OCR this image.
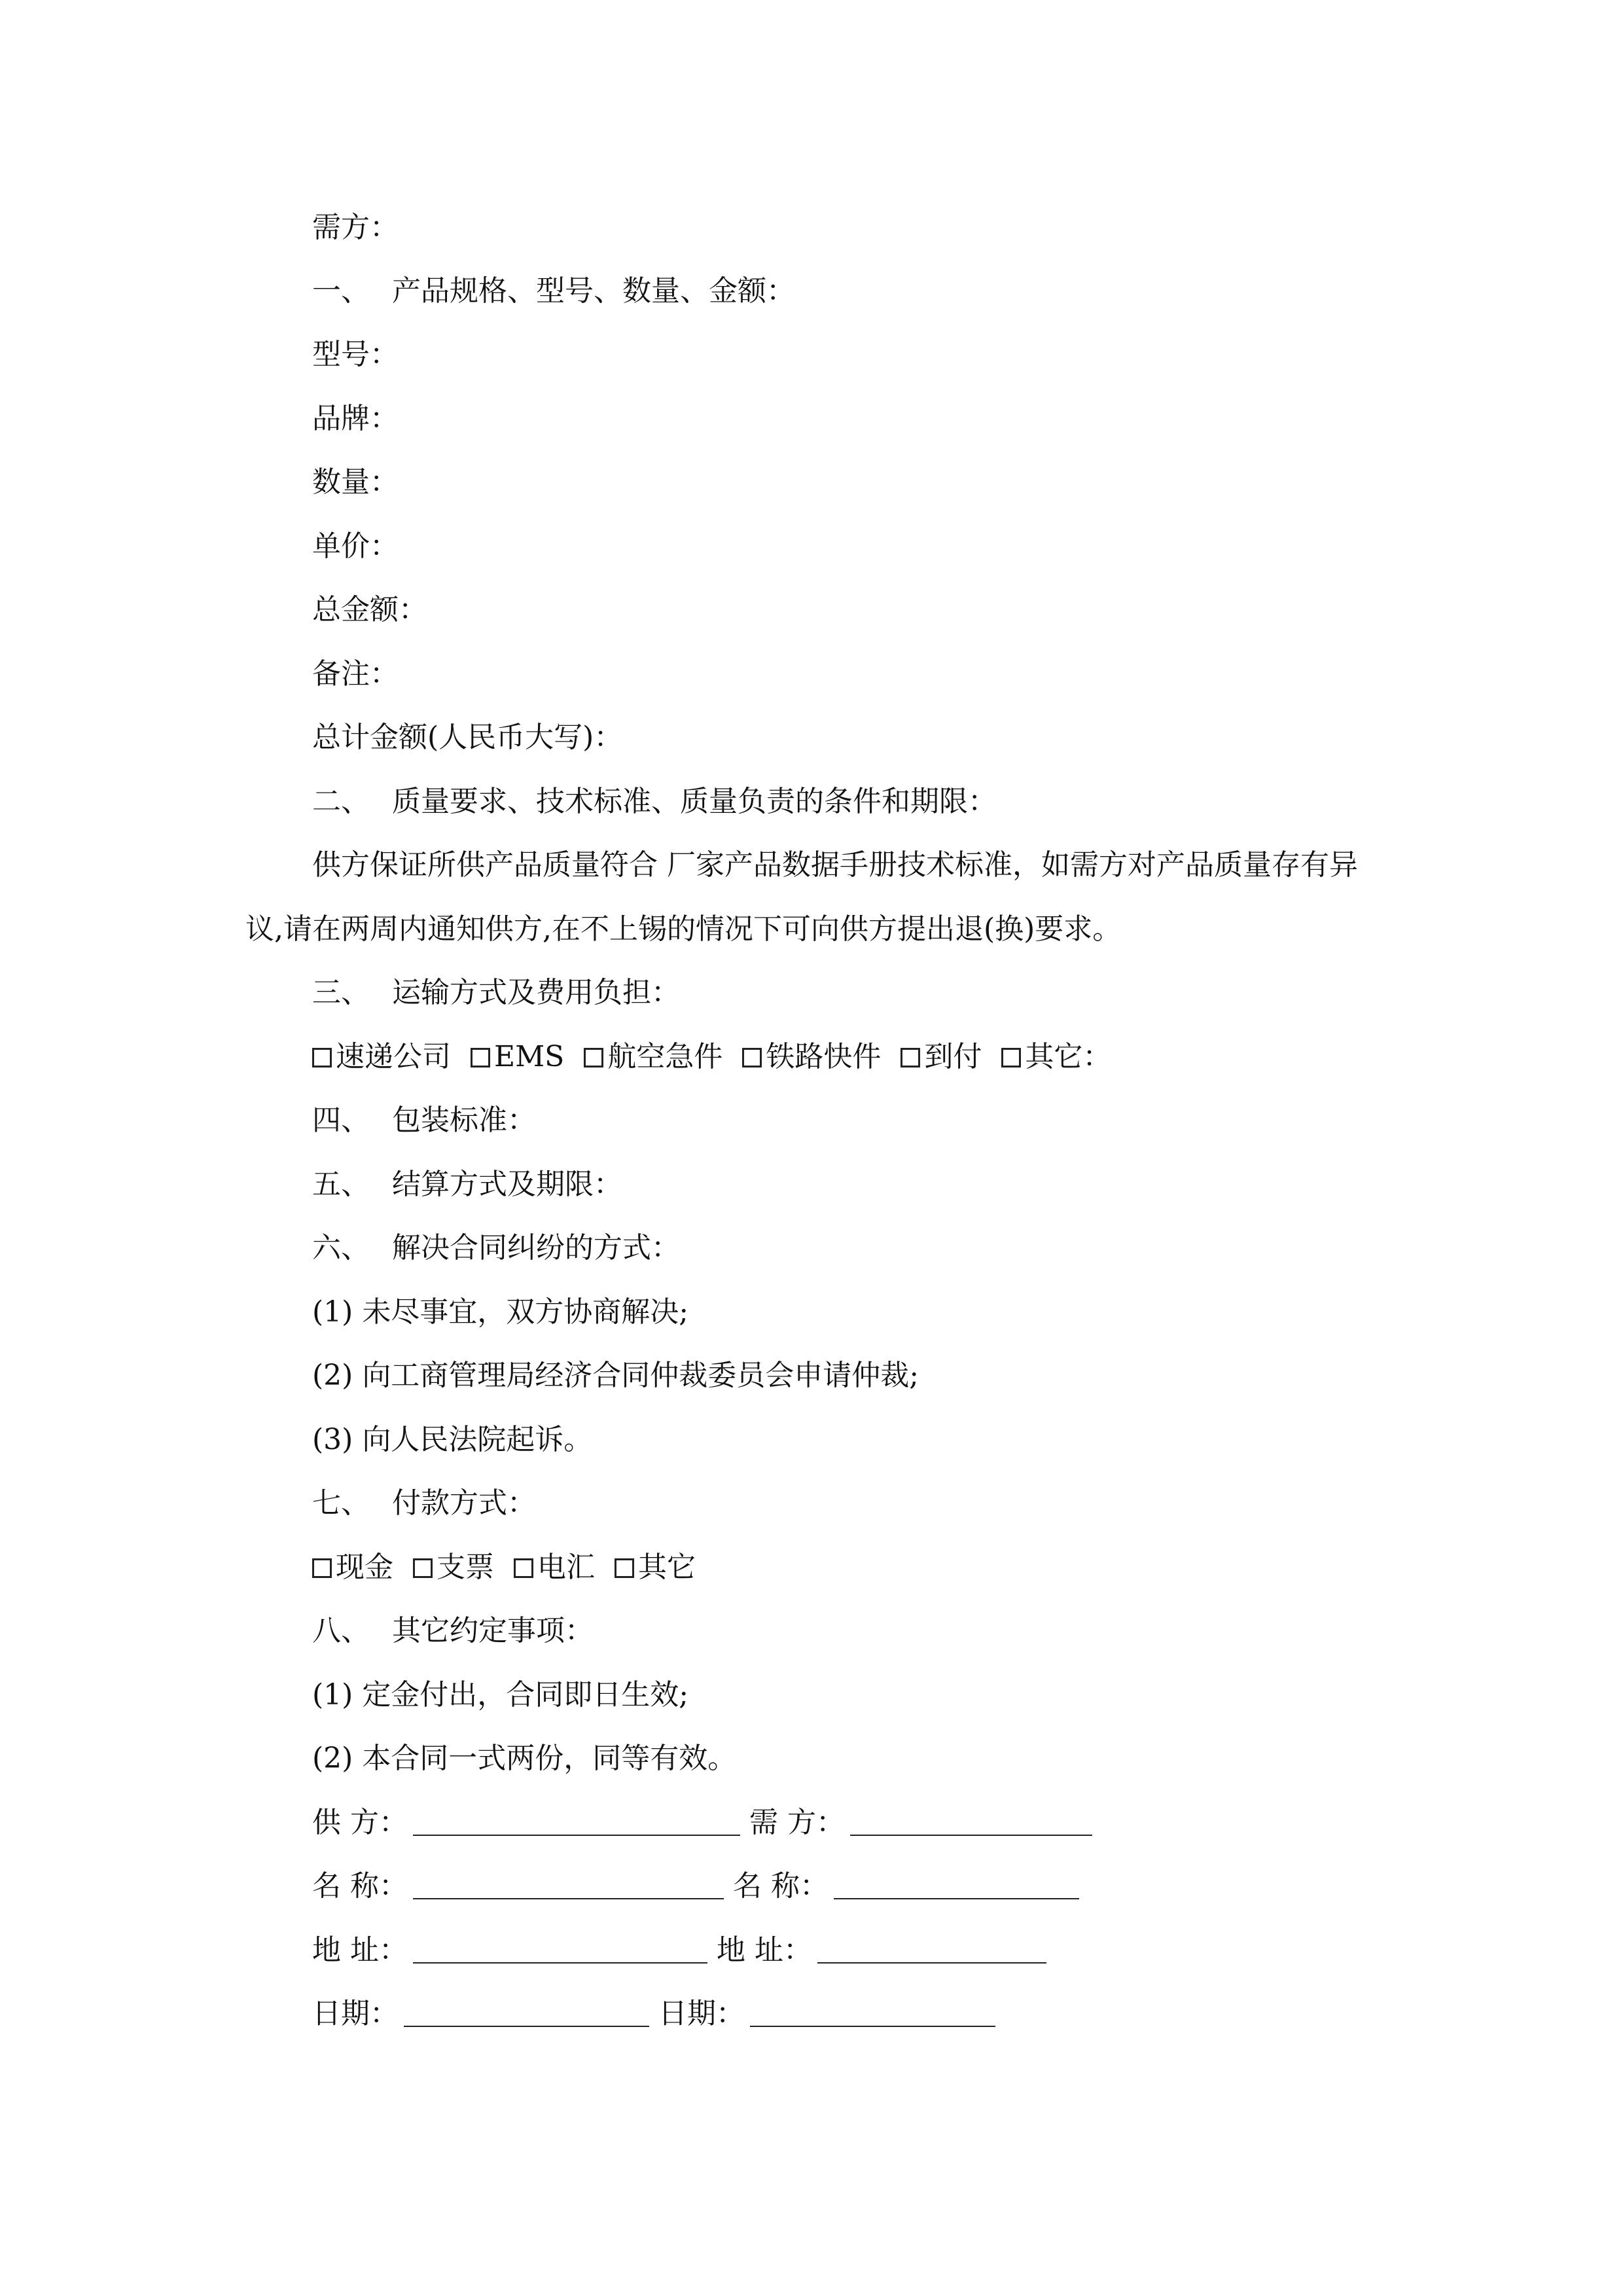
需方：
一、 产品规格、型号、数量、金额：
型号：
品牌：
数量：
单价：
总金额：
备注：
总计金额(人民币大写)：
二、 质量要求、技术标准、质量负责的条件和期限：
供方保证所供产品质量符合 厂家产品数据手册技术标准，如需方对产品质量存有异议,请在两周内通知供方,在不上锡的情况下可向供方提出退(换)要求。
三、 运输方式及费用负担：
速递公司 EMS 航空急件 铁路快件 到付 其它：
四、 包装标准：
五、 结算方式及期限：
六、 解决合同纠纷的方式：
(1) 未尽事宜，双方协商解决;
(2) 向工商管理局经济合同仲裁委员会申请仲裁;
(3) 向人民法院起诉。
七、 付款方式：
现金 支票 电汇 其它
八、 其它约定事项：
(1) 定金付出，合同即日生效;
(2) 本合同一式两份，同等有效。
供 方：	需 方：
名 称：	名 称：
地 址：	地 址：
日期：	日期：
